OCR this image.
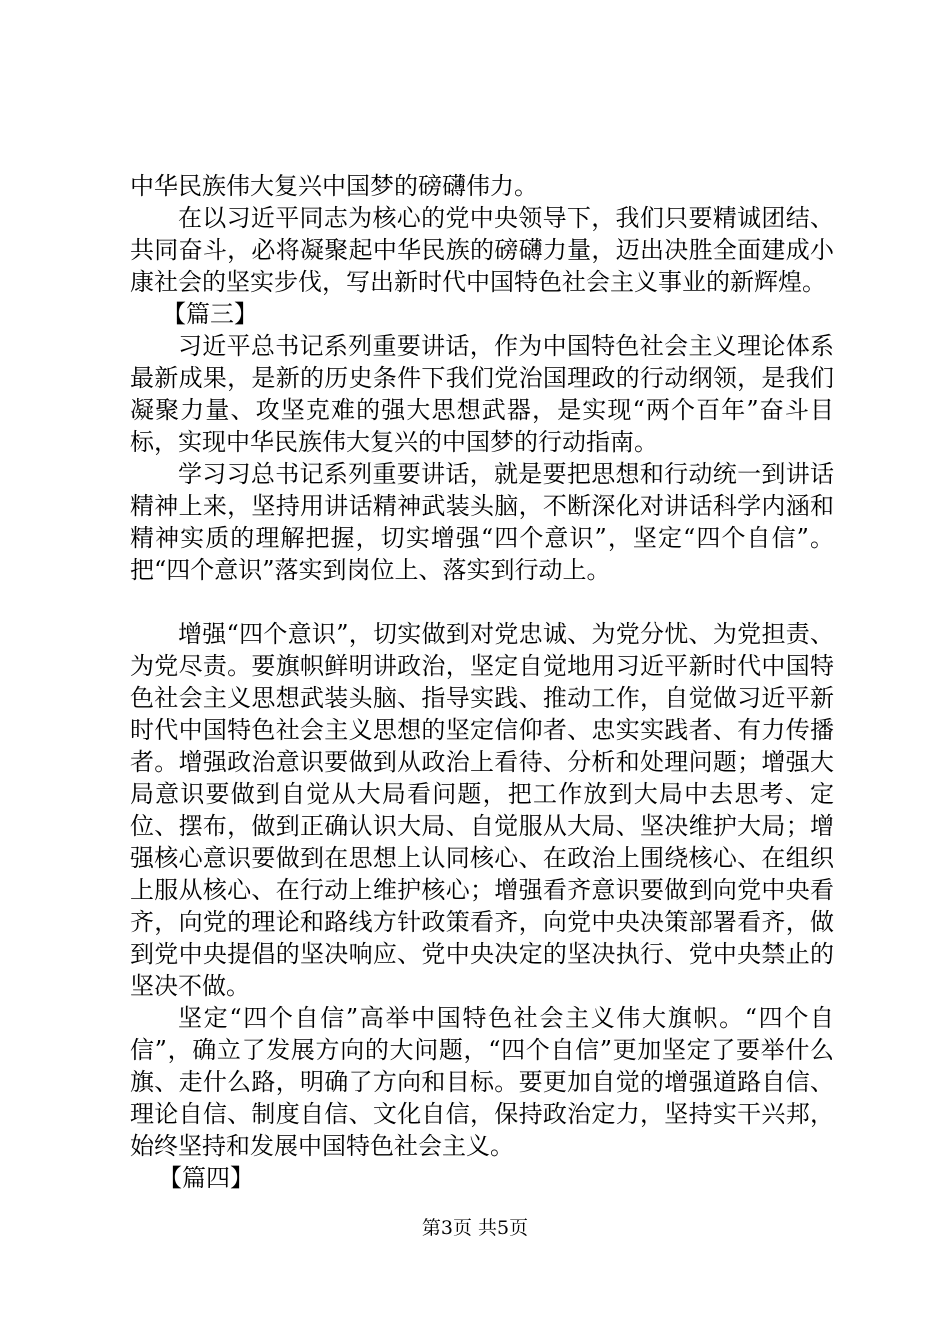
中华民族伟大复兴中国梦的磅礴伟力。

在以习近平同志为核心的党中央领导下，我们只要精诚团结、共同奋斗，必将凝聚起中华民族的磅礴力量，迈出决胜全面建成小康社会的坚实步伐，写出新时代中国特色社会主义事业的新辉煌。

【篇三】

习近平总书记系列重要讲话，作为中国特色社会主义理论体系最新成果，是新的历史条件下我们党治国理政的行动纲领，是我们凝聚力量、攻坚克难的强大思想武器，是实现“两个百年”奋斗目标，实现中华民族伟大复兴的中国梦的行动指南。

学习习总书记系列重要讲话，就是要把思想和行动统一到讲话精神上来，坚持用讲话精神武装头脑，不断深化对讲话科学内涵和精神实质的理解把握，切实增强“四个意识”，坚定“四个自信”。把“四个意识”落实到岗位上、落实到行动上。

增强“四个意识”，切实做到对党忠诚、为党分忧、为党担责、为党尽责。要旗帜鲜明讲政治，坚定自觉地用习近平新时代中国特色社会主义思想武装头脑、指导实践、推动工作，自觉做习近平新时代中国特色社会主义思想的坚定信仰者、忠实实践者、有力传播者。增强政治意识要做到从政治上看待、分析和处理问题；增强大局意识要做到自觉从大局看问题，把工作放到大局中去思考、定位、摆布，做到正确认识大局、自觉服从大局、坚决维护大局；增强核心意识要做到在思想上认同核心、在政治上围绕核心、在组织上服从核心、在行动上维护核心；增强看齐意识要做到向党中央看齐，向党的理论和路线方针政策看齐，向党中央决策部署看齐，做到党中央提倡的坚决响应、党中央决定的坚决执行、党中央禁止的坚决不做。

坚定“四个自信”高举中国特色社会主义伟大旗帜。“四个自信”，确立了发展方向的大问题，“四个自信”更加坚定了要举什么旗、走什么路，明确了方向和目标。要更加自觉的增强道路自信、理论自信、制度自信、文化自信，保持政治定力，坚持实干兴邦，始终坚持和发展中国特色社会主义。

【篇四】

第3页 共5页
